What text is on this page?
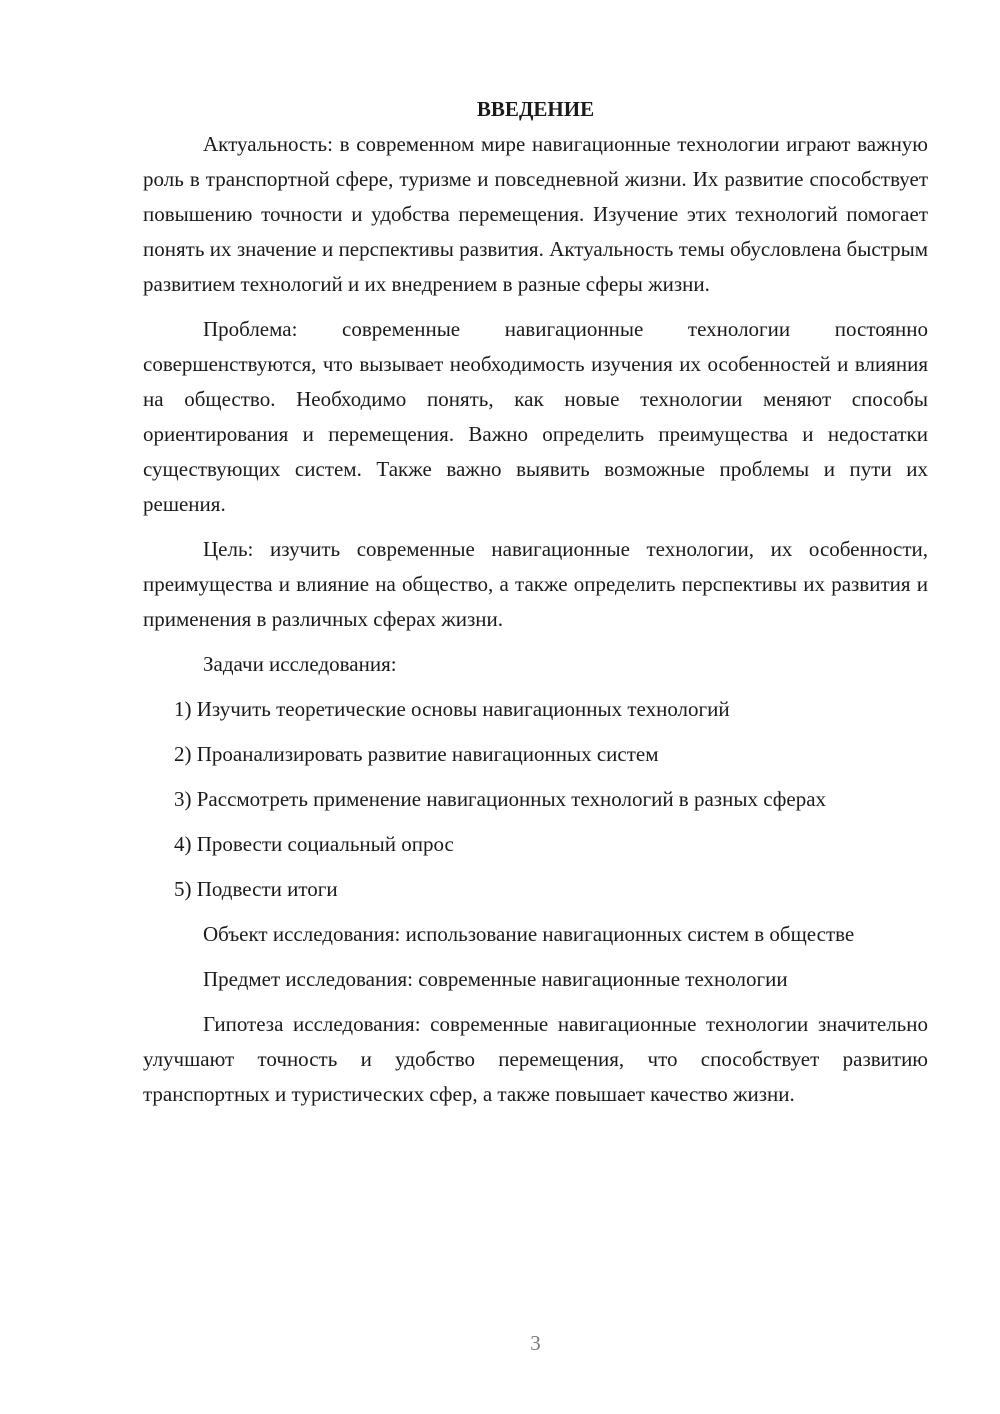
ВВЕДЕНИЕ

Актуальность: в современном мире навигационные технологии играют важную роль в транспортной сфере, туризме и повседневной жизни. Их развитие способствует повышению точности и удобства перемещения. Изучение этих технологий помогает понять их значение и перспективы развития. Актуальность темы обусловлена быстрым развитием технологий и их внедрением в разные сферы жизни.

Проблема: современные навигационные технологии постоянно совершенствуются, что вызывает необходимость изучения их особенностей и влияния на общество. Необходимо понять, как новые технологии меняют способы ориентирования и перемещения. Важно определить преимущества и недостатки существующих систем. Также важно выявить возможные проблемы и пути их решения.

Цель: изучить современные навигационные технологии, их особенности, преимущества и влияние на общество, а также определить перспективы их развития и применения в различных сферах жизни.

Задачи исследования:

1) Изучить теоретические основы навигационных технологий

2) Проанализировать развитие навигационных систем

3) Рассмотреть применение навигационных технологий в разных сферах

4) Провести социальный опрос

5) Подвести итоги

Объект исследования: использование навигационных систем в обществе

Предмет исследования: современные навигационные технологии

Гипотеза исследования: современные навигационные технологии значительно улучшают точность и удобство перемещения, что способствует развитию транспортных и туристических сфер, а также повышает качество жизни.

3
